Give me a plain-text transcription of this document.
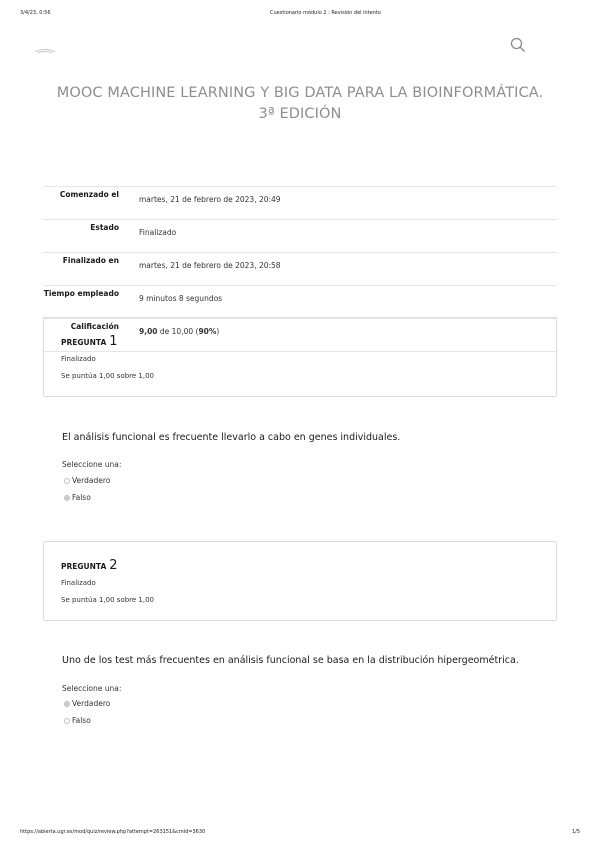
3/4/23, 0:56	Cuestionario módulo 2 : Revisión del intento
MOOC MACHINE LEARNING Y BIG DATA PARA LA BIOINFORMÁTICA. 3ª EDICIÓN
Comenzado el	martes, 21 de febrero de 2023, 20:49
Estado	Finalizado
Finalizado en	martes, 21 de febrero de 2023, 20:58
Tiempo empleado	9 minutos 8 segundos
Calificación	9,00 de 10,00 (90%)
PREGUNTA 1
Finalizado
Se puntúa 1,00 sobre 1,00
El análisis funcional es frecuente llevarlo a cabo en genes individuales.
Seleccione una:
Verdadero
Falso
PREGUNTA 2
Finalizado
Se puntúa 1,00 sobre 1,00
Uno de los test más frecuentes en análisis funcional se basa en la distribución hipergeométrica.
Seleccione una:
Verdadero
Falso
https://abierta.ugr.es/mod/quiz/review.php?attempt=263151&cmid=3630	1/5
